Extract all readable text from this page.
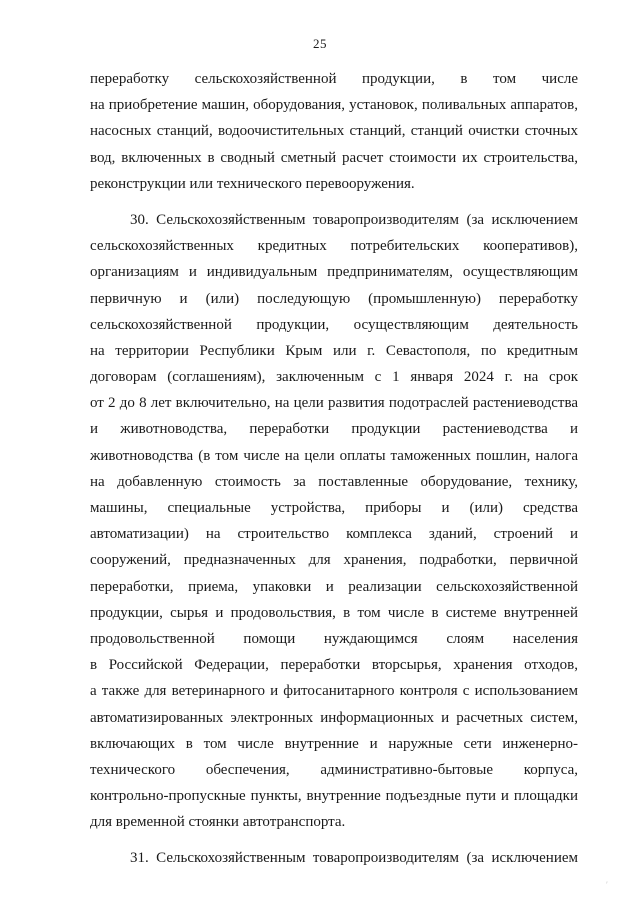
25
переработку сельскохозяйственной продукции, в том числе
на приобретение машин, оборудования, установок, поливальных аппаратов,
насосных станций, водоочистительных станций, станций очистки сточных
вод, включенных в сводный сметный расчет стоимости их строительства,
реконструкции или технического перевооружения.
30. Сельскохозяйственным товаропроизводителям (за исключением
сельскохозяйственных кредитных потребительских кооперативов),
организациям и индивидуальным предпринимателям, осуществляющим
первичную и (или) последующую (промышленную) переработку
сельскохозяйственной продукции, осуществляющим деятельность
на территории Республики Крым или г. Севастополя, по кредитным
договорам (соглашениям), заключенным с 1 января 2024 г. на срок
от 2 до 8 лет включительно, на цели развития подотраслей растениеводства
и животноводства, переработки продукции растениеводства и
животноводства (в том числе на цели оплаты таможенных пошлин, налога
на добавленную стоимость за поставленные оборудование, технику,
машины, специальные устройства, приборы и (или) средства
автоматизации) на строительство комплекса зданий, строений и
сооружений, предназначенных для хранения, подработки, первичной
переработки, приема, упаковки и реализации сельскохозяйственной
продукции, сырья и продовольствия, в том числе в системе внутренней
продовольственной помощи нуждающимся слоям населения
в Российской Федерации, переработки вторсырья, хранения отходов,
а также для ветеринарного и фитосанитарного контроля с использованием
автоматизированных электронных информационных и расчетных систем,
включающих в том числе внутренние и наружные сети инженерно-
технического обеспечения, административно-бытовые корпуса,
контрольно-пропускные пункты, внутренние подъездные пути и площадки
для временной стоянки автотранспорта.
31. Сельскохозяйственным товаропроизводителям (за исключением
′
